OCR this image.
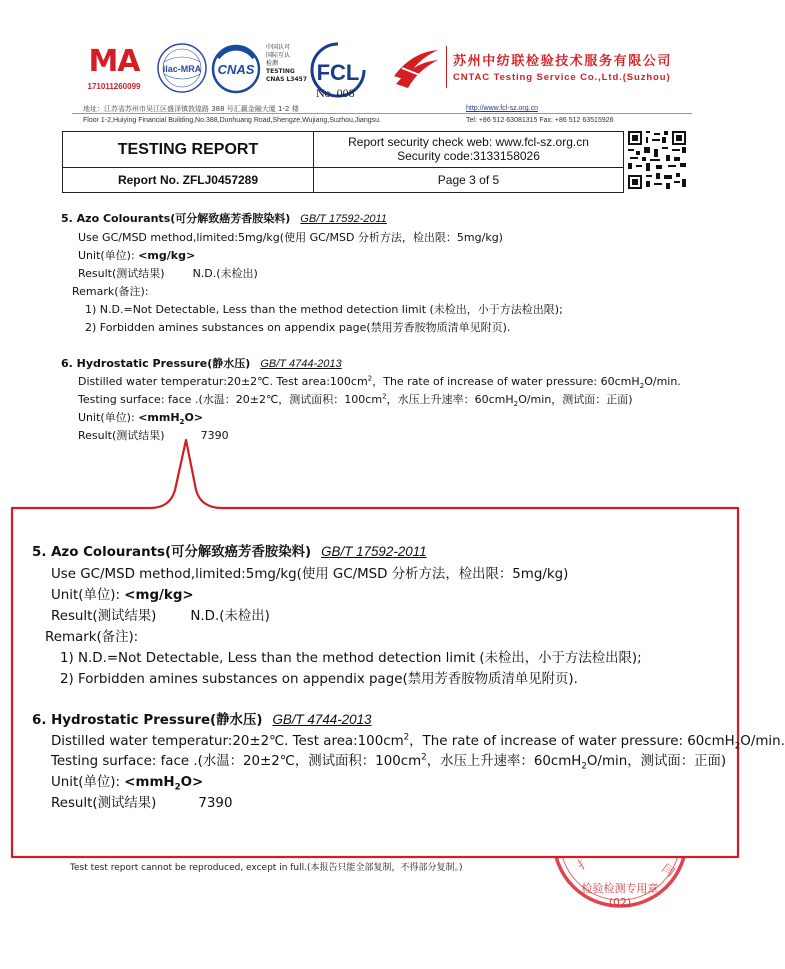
MA
171011260099
ilac-MRA CNAS
中国认可
国际互认
检测
TESTING
CNAS L3457 FCL
No. 008
苏州中纺联检验技术服务有限公司
CNTAC Testing Service Co.,Ltd.(Suzhou)
地址：江苏省苏州市吴江区盛泽镇敦煌路 388 号汇赢金融大厦 1-2 楼
Floor 1-2,Huiying Financial Building,No.388,Dunhuang Road,Shengze,Wujiang,Suzhou,Jiangsu.
http://www.fcl-sz.org.cn
Tel: +86 512 63081315 Fax: +86 512 63515926
TESTING REPORT	Report security check web: www.fcl-sz.org.cn
Security code:3133158026
Report No. ZFLJ0457289	Page 3 of 5
5. Azo Colourants(可分解致癌芳香胺染料) GB/T 17592-2011
Use GC/MSD method,limited:5mg/kg(使用 GC/MSD 分析方法，检出限：5mg/kg)
Unit(单位): <mg/kg>
Result(测试结果)	N.D.(未检出)
Remark(备注):
1) N.D.=Not Detectable, Less than the method detection limit (未检出，小于方法检出限);
2) Forbidden amines substances on appendix page(禁用芳香胺物质清单见附页).
6. Hydrostatic Pressure(静水压) GB/T 4744-2013
Distilled water temperatur:20±2℃. Test $area:100cm^2$，The rate of increase of water pressure: 60cmH$_2$O/min.
Testing surface: face .(水温：20±2℃，测试面积：$100cm^2$，水压上升速率：60cmH$_2$O/min，测试面：正面)
Unit(单位): <mmH$_2$O>
Result(测试结果)	7390
5. Azo Colourants(可分解致癌芳香胺染料) GB/T 17592-2011
Use GC/MSD method,limited:5mg/kg(使用 GC/MSD 分析方法，检出限：5mg/kg)
Unit(单位): <mg/kg>
Result(测试结果)	N.D.(未检出)
Remark(备注):
1) N.D.=Not Detectable, Less than the method detection limit (未检出，小于方法检出限);
2) Forbidden amines substances on appendix page(禁用芳香胺物质清单见附页).
6. Hydrostatic Pressure(静水压) GB/T 4744-2013
Distilled water temperatur:20±2℃. Test $area:100cm^2$，The rate of increase of water pressure: 60cmH$_2$O/min.
Testing surface: face .(水温：20±2℃，测试面积：$100cm^2$，水压上升速率：60cmH$_2$O/min，测试面：正面)
Unit(单位): <mmH$_2$O>
Result(测试结果)	7390
Test test report cannot be reproduced, except in full.(本报告只能全部复制，不得部分复制。)	扌	闫
检验检测专用章
(02)
